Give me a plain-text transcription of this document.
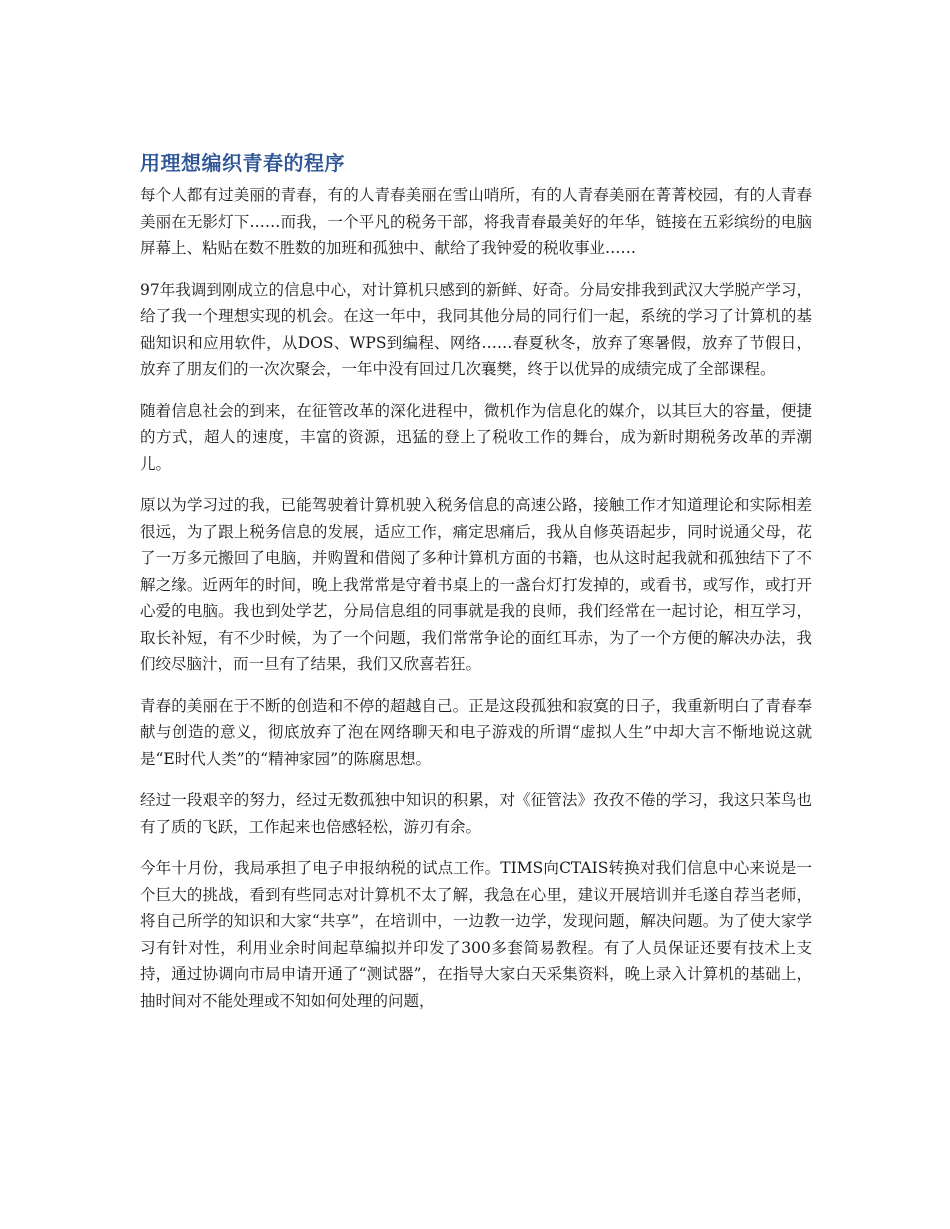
用理想编织青春的程序

每个人都有过美丽的青春，有的人青春美丽在雪山哨所，有的人青春美丽在菁菁校园，有的人青春美丽在无影灯下……而我，一个平凡的税务干部，将我青春最美好的年华，链接在五彩缤纷的电脑屏幕上、粘贴在数不胜数的加班和孤独中、献给了我钟爱的税收事业……

97年我调到刚成立的信息中心，对计算机只感到的新鲜、好奇。分局安排我到武汉大学脱产学习，给了我一个理想实现的机会。在这一年中，我同其他分局的同行们一起，系统的学习了计算机的基础知识和应用软件，从DOS、WPS到编程、网络……春夏秋冬，放弃了寒暑假，放弃了节假日，放弃了朋友们的一次次聚会，一年中没有回过几次襄樊，终于以优异的成绩完成了全部课程。

随着信息社会的到来，在征管改革的深化进程中，微机作为信息化的媒介，以其巨大的容量，便捷的方式，超人的速度，丰富的资源，迅猛的登上了税收工作的舞台，成为新时期税务改革的弄潮儿。

原以为学习过的我，已能驾驶着计算机驶入税务信息的高速公路，接触工作才知道理论和实际相差很远，为了跟上税务信息的发展，适应工作，痛定思痛后，我从自修英语起步，同时说通父母，花了一万多元搬回了电脑，并购置和借阅了多种计算机方面的书籍，也从这时起我就和孤独结下了不解之缘。近两年的时间，晚上我常常是守着书桌上的一盏台灯打发掉的，或看书，或写作，或打开心爱的电脑。我也到处学艺，分局信息组的同事就是我的良师，我们经常在一起讨论，相互学习，取长补短，有不少时候，为了一个问题，我们常常争论的面红耳赤，为了一个方便的解决办法，我们绞尽脑汁，而一旦有了结果，我们又欣喜若狂。

青春的美丽在于不断的创造和不停的超越自己。正是这段孤独和寂寞的日子，我重新明白了青春奉献与创造的意义，彻底放弃了泡在网络聊天和电子游戏的所谓“虚拟人生”中却大言不惭地说这就是“E时代人类”的“精神家园”的陈腐思想。

经过一段艰辛的努力，经过无数孤独中知识的积累，对《征管法》孜孜不倦的学习，我这只苯鸟也有了质的飞跃，工作起来也倍感轻松，游刃有余。

今年十月份，我局承担了电子申报纳税的试点工作。TIMS向CTAIS转换对我们信息中心来说是一个巨大的挑战，看到有些同志对计算机不太了解，我急在心里，建议开展培训并毛遂自荐当老师，将自己所学的知识和大家“共享”，在培训中，一边教一边学，发现问题，解决问题。为了使大家学习有针对性，利用业余时间起草编拟并印发了300多套简易教程。有了人员保证还要有技术上支持，通过协调向市局申请开通了“测试器”，在指导大家白天采集资料，晚上录入计算机的基础上，抽时间对不能处理或不知如何处理的问题，
